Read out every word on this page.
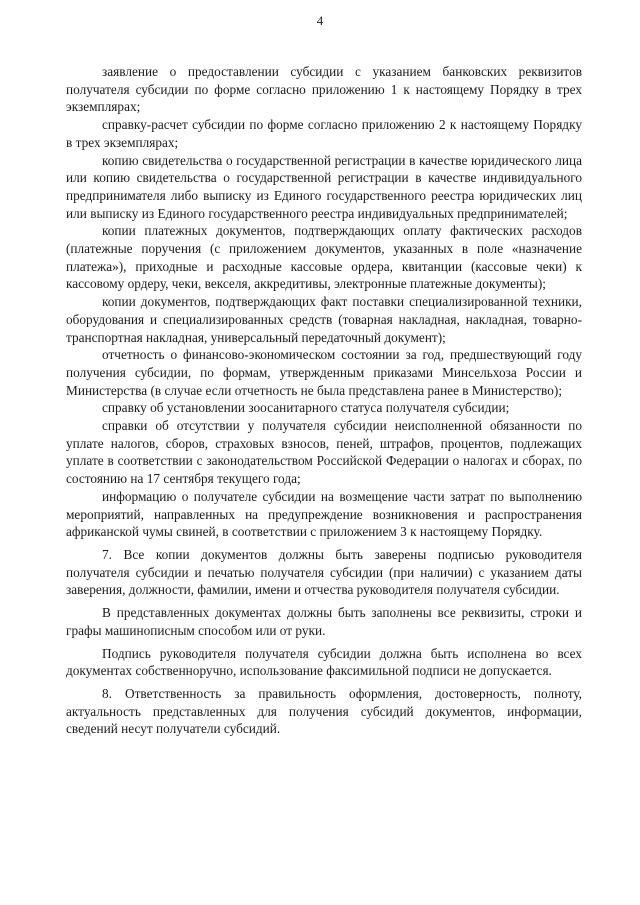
4

заявление о предоставлении субсидии с указанием банковских реквизитов получателя субсидии по форме согласно приложению 1 к настоящему Порядку в трех экземплярах;

справку-расчет субсидии по форме согласно приложению 2 к настоящему Порядку в трех экземплярах;

копию свидетельства о государственной регистрации в качестве юридического лица или копию свидетельства о государственной регистрации в качестве индивидуального предпринимателя либо выписку из Единого государственного реестра юридических лиц или выписку из Единого государственного реестра индивидуальных предпринимателей;

копии платежных документов, подтверждающих оплату фактических расходов (платежные поручения (с приложением документов, указанных в поле «назначение платежа»), приходные и расходные кассовые ордера, квитанции (кассовые чеки) к кассовому ордеру, чеки, векселя, аккредитивы, электронные платежные документы);

копии документов, подтверждающих факт поставки специализированной техники, оборудования и специализированных средств (товарная накладная, накладная, товарно-транспортная накладная, универсальный передаточный документ);

отчетность о финансово-экономическом состоянии за год, предшествующий году получения субсидии, по формам, утвержденным приказами Минсельхоза России и Министерства (в случае если отчетность не была представлена ранее в Министерство);

справку об установлении зоосанитарного статуса получателя субсидии;

справки об отсутствии у получателя субсидии неисполненной обязанности по уплате налогов, сборов, страховых взносов, пеней, штрафов, процентов, подлежащих уплате в соответствии с законодательством Российской Федерации о налогах и сборах, по состоянию на 17 сентября текущего года;

информацию о получателе субсидии на возмещение части затрат по выполнению мероприятий, направленных на предупреждение возникновения и распространения африканской чумы свиней, в соответствии с приложением 3 к настоящему Порядку.

7. Все копии документов должны быть заверены подписью руководителя получателя субсидии и печатью получателя субсидии (при наличии) с указанием даты заверения, должности, фамилии, имени и отчества руководителя получателя субсидии.

В представленных документах должны быть заполнены все реквизиты, строки и графы машинописным способом или от руки.

Подпись руководителя получателя субсидии должна быть исполнена во всех документах собственноручно, использование факсимильной подписи не допускается.

8. Ответственность за правильность оформления, достоверность, полноту, актуальность представленных для получения субсидий документов, информации, сведений несут получатели субсидий.
